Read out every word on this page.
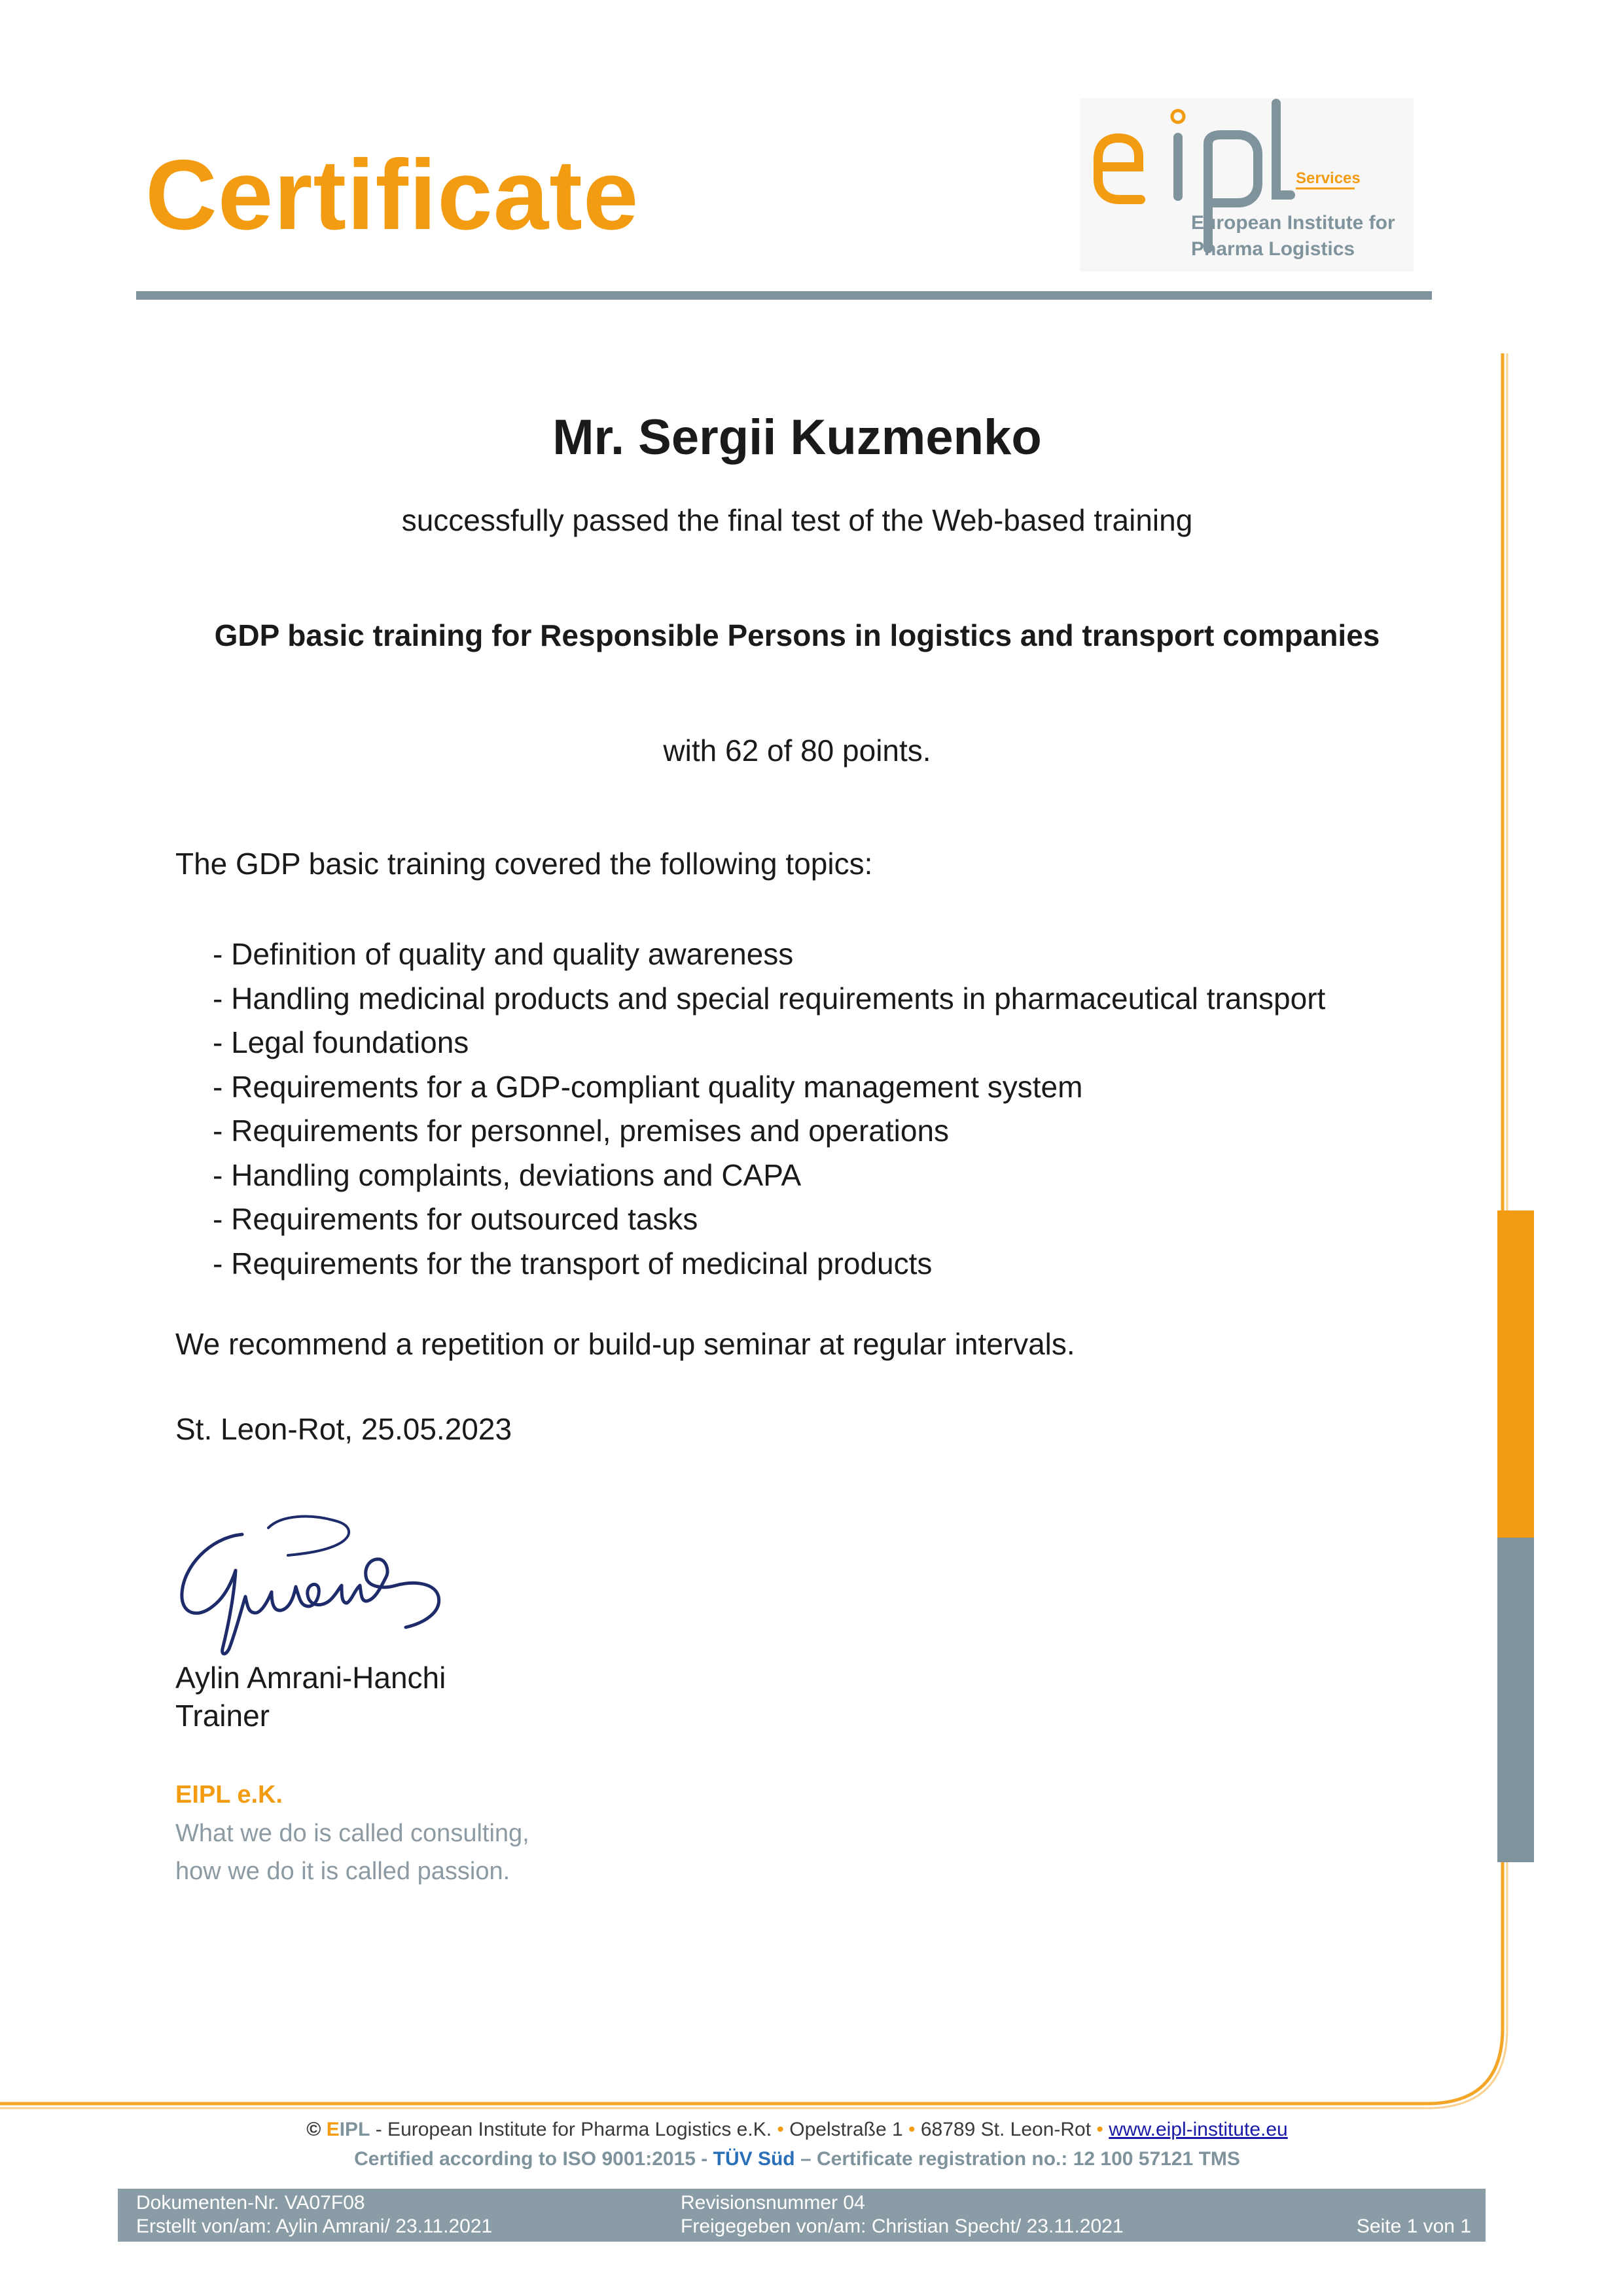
Certificate	Services
European Institute for
Pharma Logistics
Mr. Sergii Kuzmenko
successfully passed the final test of the Web-based training
GDP basic training for Responsible Persons in logistics and transport companies
with 62 of 80 points.
The GDP basic training covered the following topics:
- Definition of quality and quality awareness
- Handling medicinal products and special requirements in pharmaceutical transport
- Legal foundations
- Requirements for a GDP-compliant quality management system
- Requirements for personnel, premises and operations
- Handling complaints, deviations and CAPA
- Requirements for outsourced tasks
- Requirements for the transport of medicinal products
We recommend a repetition or build-up seminar at regular intervals.
St. Leon-Rot, 25.05.2023
Aylin Amrani-Hanchi
Trainer
EIPL e.K.
What we do is called consulting,
how we do it is called passion.
© EIPL - European Institute for Pharma Logistics e.K. • Opelstraße 1 • 68789 St. Leon-Rot • www.eipl-institute.eu
Certified according to ISO 9001:2015 - TÜV Süd – Certificate registration no.: 12 100 57121 TMS
Dokumenten-Nr. VA07F08
Erstellt von/am: Aylin Amrani/ 23.11.2021
Revisionsnummer 04
Freigegeben von/am: Christian Specht/ 23.11.2021	Seite 1 von 1
